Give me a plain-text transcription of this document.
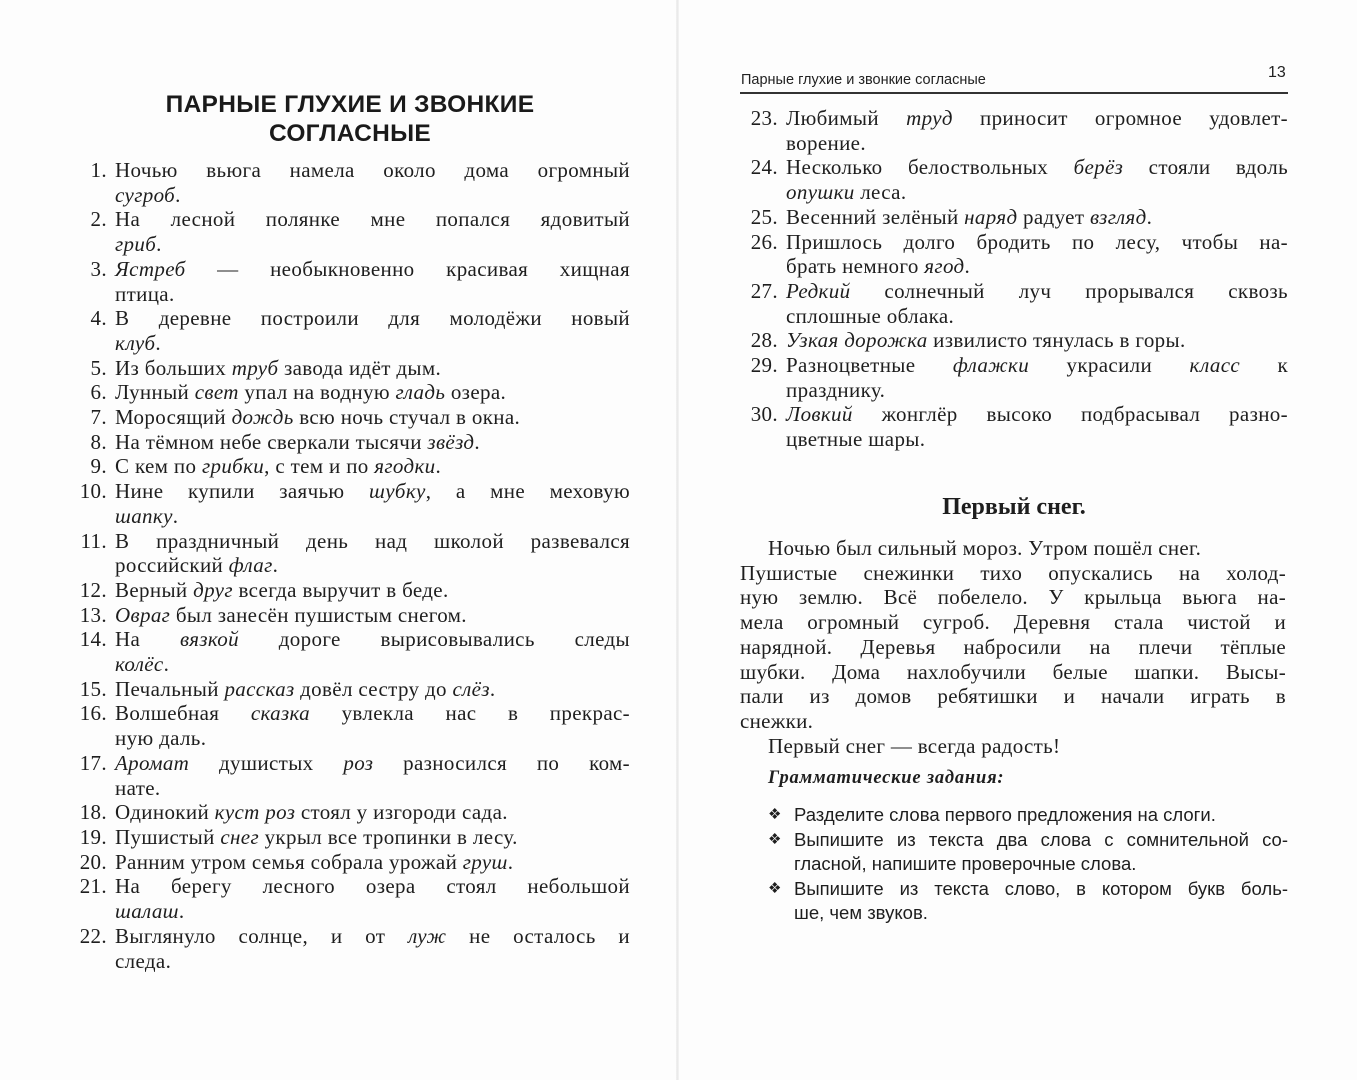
ПАРНЫЕ ГЛУХИЕ И ЗВОНКИЕ
СОГЛАСНЫЕ
1. Ночью вьюга намела около дома огромный
сугроб.
2. На лесной полянке мне попался ядовитый
гриб.
3. Ястреб — необыкновенно красивая хищная
птица.
4. В деревне построили для молодёжи новый
клуб.
5. Из больших труб завода идёт дым.
6. Лунный свет упал на водную гладь озера.
7. Моросящий дождь всю ночь стучал в окна.
8. На тёмном небе сверкали тысячи звёзд.
9. С кем по грибки, с тем и по ягодки.
10. Нине купили заячью шубку, а мне меховую
шапку.
11. В праздничный день над школой развевался
российский флаг.
12. Верный друг всегда выручит в беде.
13. Овраг был занесён пушистым снегом.
14. На вязкой дороге вырисовывались следы
колёс.
15. Печальный рассказ довёл сестру до слёз.
16. Волшебная сказка увлекла нас в прекрас-
ную даль.
17. Аромат душистых роз разносился по ком-
нате.
18. Одинокий куст роз стоял у изгороди сада.
19. Пушистый снег укрыл все тропинки в лесу.
20. Ранним утром семья собрала урожай груш.
21. На берегу лесного озера стоял небольшой
шалаш.
22. Выглянуло солнце, и от луж не осталось и
следа.
Парные глухие и звонкие согласные	13
23. Любимый труд приносит огромное удовлет-
ворение.
24. Несколько белоствольных берёз стояли вдоль
опушки леса.
25. Весенний зелёный наряд радует взгляд.
26. Пришлось долго бродить по лесу, чтобы на-
брать немного ягод.
27. Редкий солнечный луч прорывался сквозь
сплошные облака.
28. Узкая дорожка извилисто тянулась в горы.
29. Разноцветные флажки украсили класс к
празднику.
30. Ловкий жонглёр высоко подбрасывал разно-
цветные шары.
Первый снег.
Ночью был сильный мороз. Утром пошёл снег.
Пушистые снежинки тихо опускались на холод-
ную землю. Всё побелело. У крыльца вьюга на-
мела огромный сугроб. Деревня стала чистой и
нарядной. Деревья набросили на плечи тёплые
шубки. Дома нахлобучили белые шапки. Высы-
пали из домов ребятишки и начали играть в
снежки.
Первый снег — всегда радость!
Грамматические задания:
❖ Разделите слова первого предложения на слоги.
❖ Выпишите из текста два слова с сомнительной со-
гласной, напишите проверочные слова.
❖ Выпишите из текста слово, в котором букв боль-
ше, чем звуков.
